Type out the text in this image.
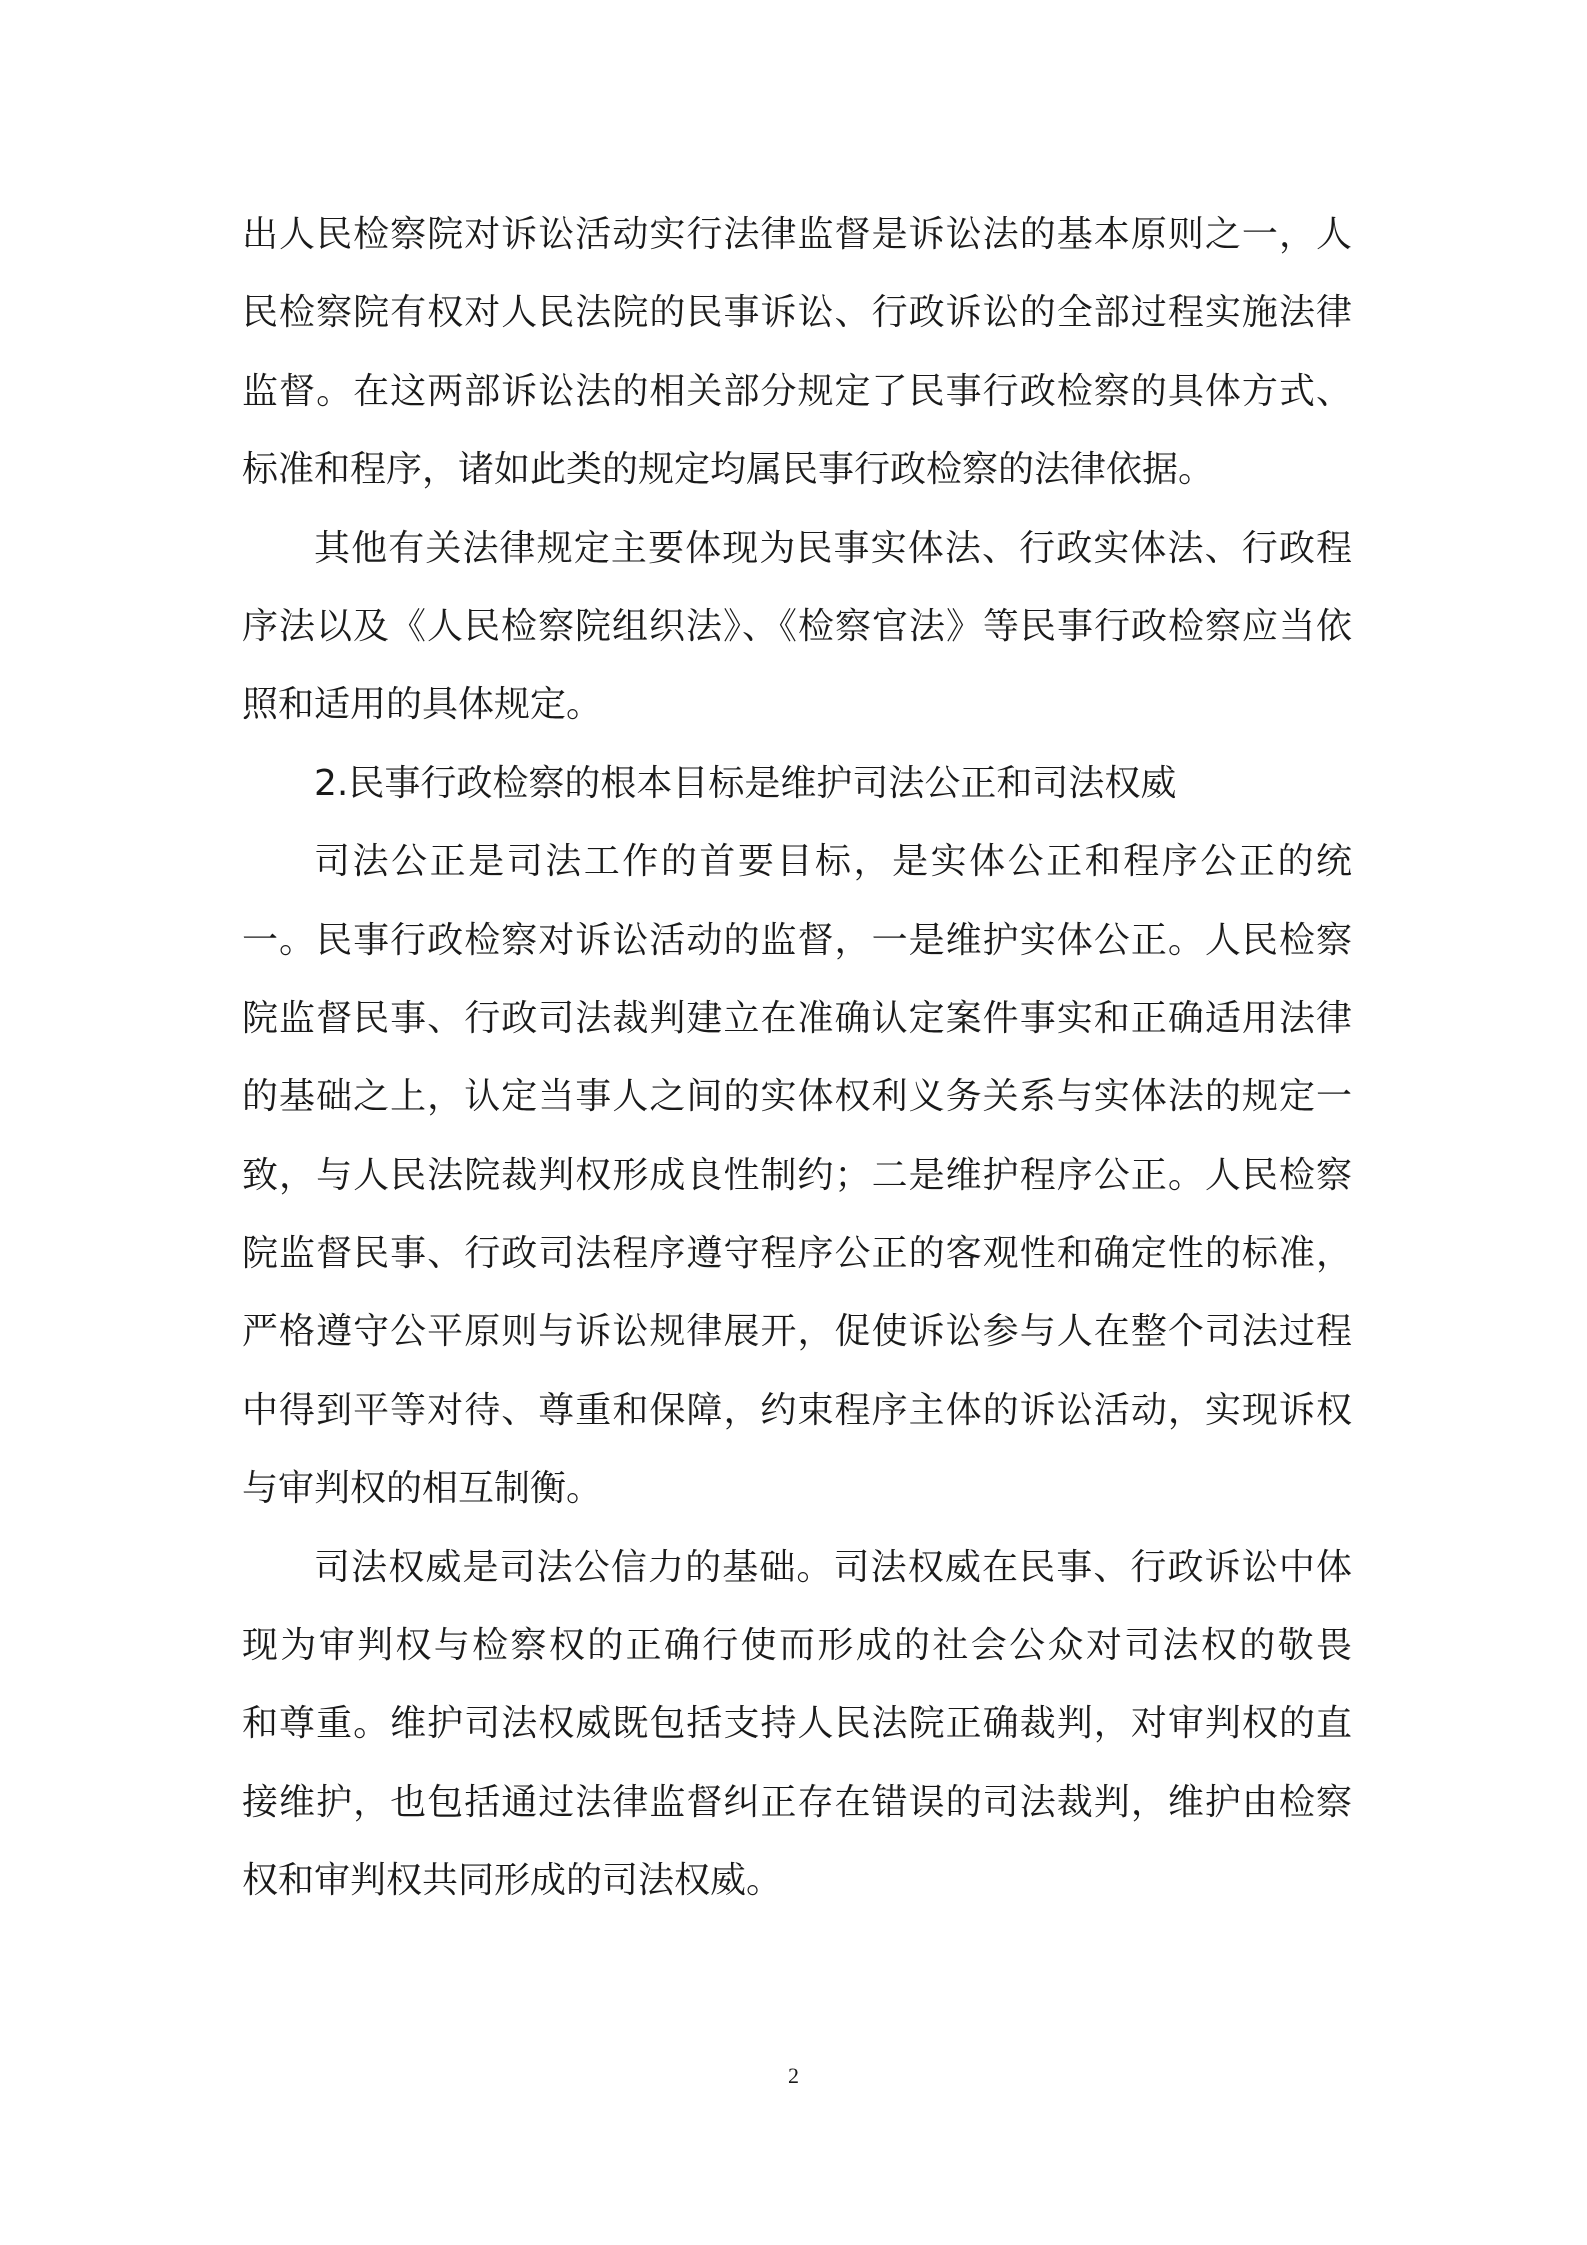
出人民检察院对诉讼活动实行法律监督是诉讼法的基本原则之一，人
民检察院有权对人民法院的民事诉讼、行政诉讼的全部过程实施法律
监督。在这两部诉讼法的相关部分规定了民事行政检察的具体方式、
标准和程序，诸如此类的规定均属民事行政检察的法律依据。
其他有关法律规定主要体现为民事实体法、行政实体法、行政程
序法以及《人民检察院组织法》、《检察官法》等民事行政检察应当依
照和适用的具体规定。
2.民事行政检察的根本目标是维护司法公正和司法权威
司法公正是司法工作的首要目标，是实体公正和程序公正的统
一。民事行政检察对诉讼活动的监督，一是维护实体公正。人民检察
院监督民事、行政司法裁判建立在准确认定案件事实和正确适用法律
的基础之上，认定当事人之间的实体权利义务关系与实体法的规定一
致，与人民法院裁判权形成良性制约；二是维护程序公正。人民检察
院监督民事、行政司法程序遵守程序公正的客观性和确定性的标准，
严格遵守公平原则与诉讼规律展开，促使诉讼参与人在整个司法过程
中得到平等对待、尊重和保障，约束程序主体的诉讼活动，实现诉权
与审判权的相互制衡。
司法权威是司法公信力的基础。司法权威在民事、行政诉讼中体
现为审判权与检察权的正确行使而形成的社会公众对司法权的敬畏
和尊重。维护司法权威既包括支持人民法院正确裁判，对审判权的直
接维护，也包括通过法律监督纠正存在错误的司法裁判，维护由检察
权和审判权共同形成的司法权威。
2
